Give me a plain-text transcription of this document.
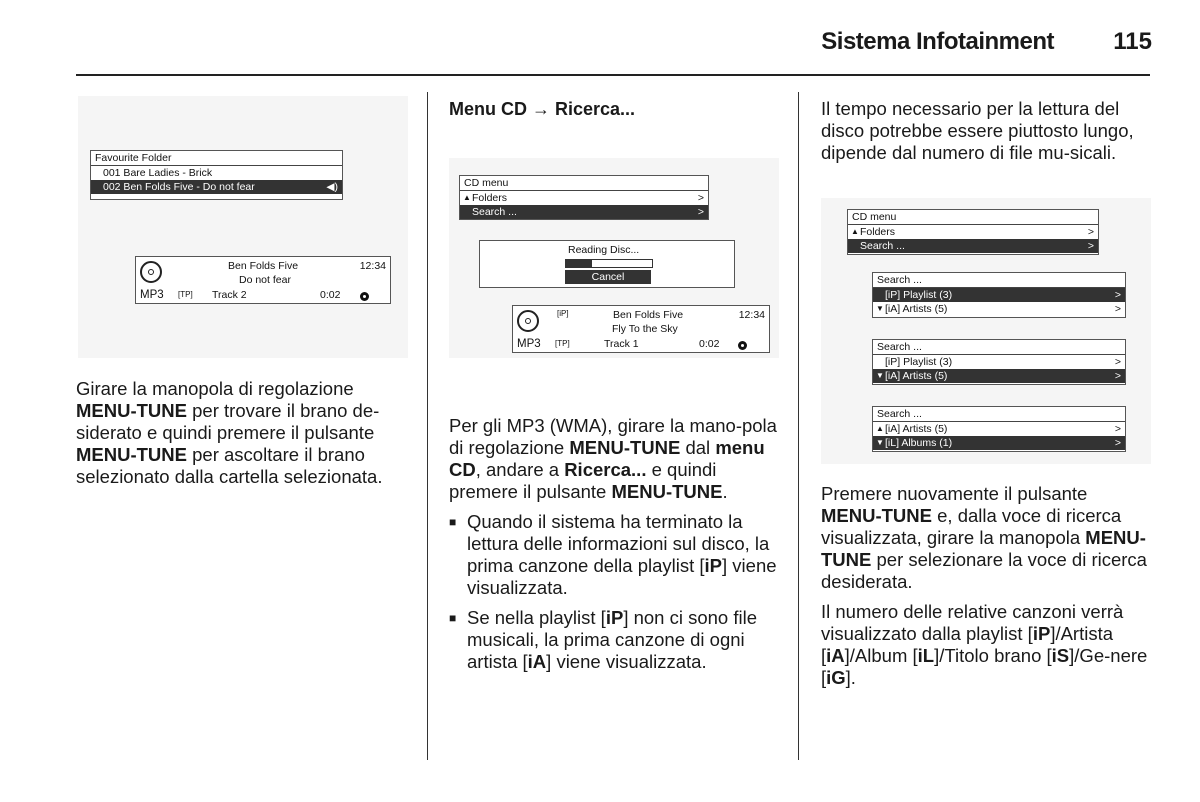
Sistema Infotainment 115
Favourite Folder
001 Bare Ladies - Brick
002 Ben Folds Five - Do not fear	◀)
Ben Folds Five	12:34
Do not fear
MP3 [TP] Track 2	0:02

Girare la manopola di regolazione MENU-TUNE per trovare il brano de-siderato e quindi premere il pulsante MENU-TUNE per ascoltare il brano selezionato dalla cartella selezionata.

Menu CD → Ricerca...
CD menu
▲ Folders	>
Search ...	>
Reading Disc...
Cancel
[iP]	Ben Folds Five	12:34
Fly To the Sky
MP3 [TP]	Track 1	0:02

Per gli MP3 (WMA), girare la mano-pola di regolazione MENU-TUNE dal menu CD, andare a Ricerca... e quindi premere il pulsante MENU-TUNE.

■ Quando il sistema ha terminato la lettura delle informazioni sul disco, la prima canzone della playlist [iP] viene visualizzata.
■ Se nella playlist [iP] non ci sono file musicali, la prima canzone di ogni artista [iA] viene visualizzata.

Il tempo necessario per la lettura del disco potrebbe essere piuttosto lungo, dipende dal numero di file mu-sicali.

CD menu
▲ Folders	>
Search ...	>
Search ...
[iP] Playlist (3)	>
▼ [iA] Artists (5)	>
Search ...
[iP] Playlist (3)	>
▼ [iA] Artists (5)	>
Search ...
▲ [iA] Artists (5)	>
▼ [iL] Albums (1)	>

Premere nuovamente il pulsante MENU-TUNE e, dalla voce di ricerca visualizzata, girare la manopola MENU-TUNE per selezionare la voce di ricerca desiderata.

Il numero delle relative canzoni verrà visualizzato dalla playlist [iP]/Artista [iA]/Album [iL]/Titolo brano [iS]/Ge-nere [iG].
